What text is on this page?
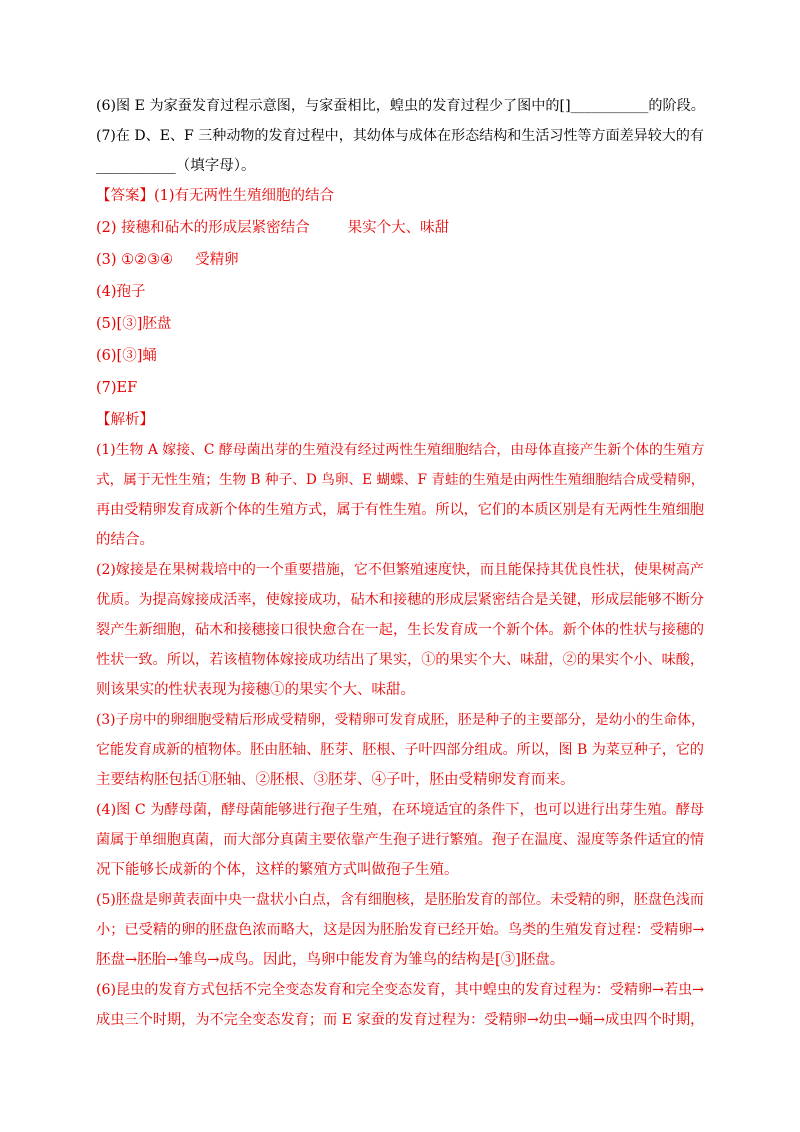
(6)图 E 为家蚕发育过程示意图，与家蚕相比，蝗虫的发育过程少了图中的[]___________的阶段。
(7)在 D、E、F 三种动物的发育过程中，其幼体与成体在形态结构和生活习性等方面差异较大的有
___________（填字母）。
【答案】(1)有无两性生殖细胞的结合
(2) 接穗和砧木的形成层紧密结合	果实个大、味甜
(3) ①②③④ 受精卵
(4)孢子
(5)[③]胚盘
(6)[③]蛹
(7)EF
【解析】
(1)生物 A 嫁接、C 酵母菌出芽的生殖没有经过两性生殖细胞结合，由母体直接产生新个体的生殖方
式，属于无性生殖；生物 B 种子、D 鸟卵、E 蝴蝶、F 青蛙的生殖是由两性生殖细胞结合成受精卵，
再由受精卵发育成新个体的生殖方式，属于有性生殖。所以，它们的本质区别是有无两性生殖细胞
的结合。
(2)嫁接是在果树栽培中的一个重要措施，它不但繁殖速度快，而且能保持其优良性状，使果树高产
优质。为提高嫁接成活率，使嫁接成功，砧木和接穗的形成层紧密结合是关键，形成层能够不断分
裂产生新细胞，砧木和接穗接口很快愈合在一起，生长发育成一个新个体。新个体的性状与接穗的
性状一致。所以，若该植物体嫁接成功结出了果实，①的果实个大、味甜，②的果实个小、味酸，
则该果实的性状表现为接穗①的果实个大、味甜。
(3)子房中的卵细胞受精后形成受精卵，受精卵可发育成胚，胚是种子的主要部分，是幼小的生命体，
它能发育成新的植物体。胚由胚轴、胚芽、胚根、子叶四部分组成。所以，图 B 为菜豆种子，它的
主要结构胚包括①胚轴、②胚根、③胚芽、④子叶，胚由受精卵发育而来。
(4)图 C 为酵母菌，酵母菌能够进行孢子生殖，在环境适宜的条件下，也可以进行出芽生殖。酵母
菌属于单细胞真菌，而大部分真菌主要依靠产生孢子进行繁殖。孢子在温度、湿度等条件适宜的情
况下能够长成新的个体，这样的繁殖方式叫做孢子生殖。
(5)胚盘是卵黄表面中央一盘状小白点，含有细胞核，是胚胎发育的部位。未受精的卵，胚盘色浅而
小；已受精的卵的胚盘色浓而略大，这是因为胚胎发育已经开始。鸟类的生殖发育过程：受精卵→
胚盘→胚胎→雏鸟→成鸟。因此，鸟卵中能发育为雏鸟的结构是[③]胚盘。
(6)昆虫的发育方式包括不完全变态发育和完全变态发育，其中蝗虫的发育过程为：受精卵→若虫→
成虫三个时期，为不完全变态发育；而 E 家蚕的发育过程为：受精卵→幼虫→蛹→成虫四个时期，
